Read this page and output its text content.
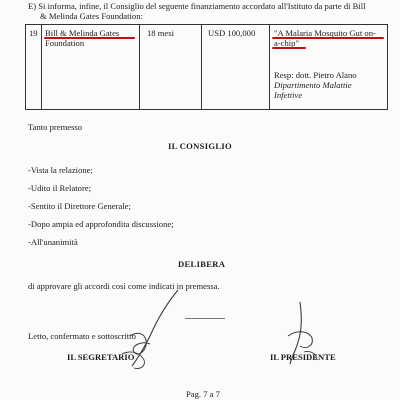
E) Si informa, infine, il Consiglio del seguente finanziamento accordato all'Istituto da parte di Bill
& Melinda Gates Foundation:
19 Bill & Melinda Gates
Foundation
18 mesi	USD 100,000 "A Malaria Mosquito Gut on-
a-chip"
Resp: dott. Pietro Alano
Dipartimento Malattie
Infettive
Tanto premesso
IL CONSIGLIO
-Vista la relazione;
-Udito il Relatore;
-Sentito il Direttore Generale;
-Dopo ampia ed approfondita discussione;
-All'unanimità
DELIBERA
di approvare gli accordi così come indicati in premessa.
Letto, confermato e sottoscritto
IL SEGRETARIO	IL PRESIDENTE
Pag. 7 a 7
